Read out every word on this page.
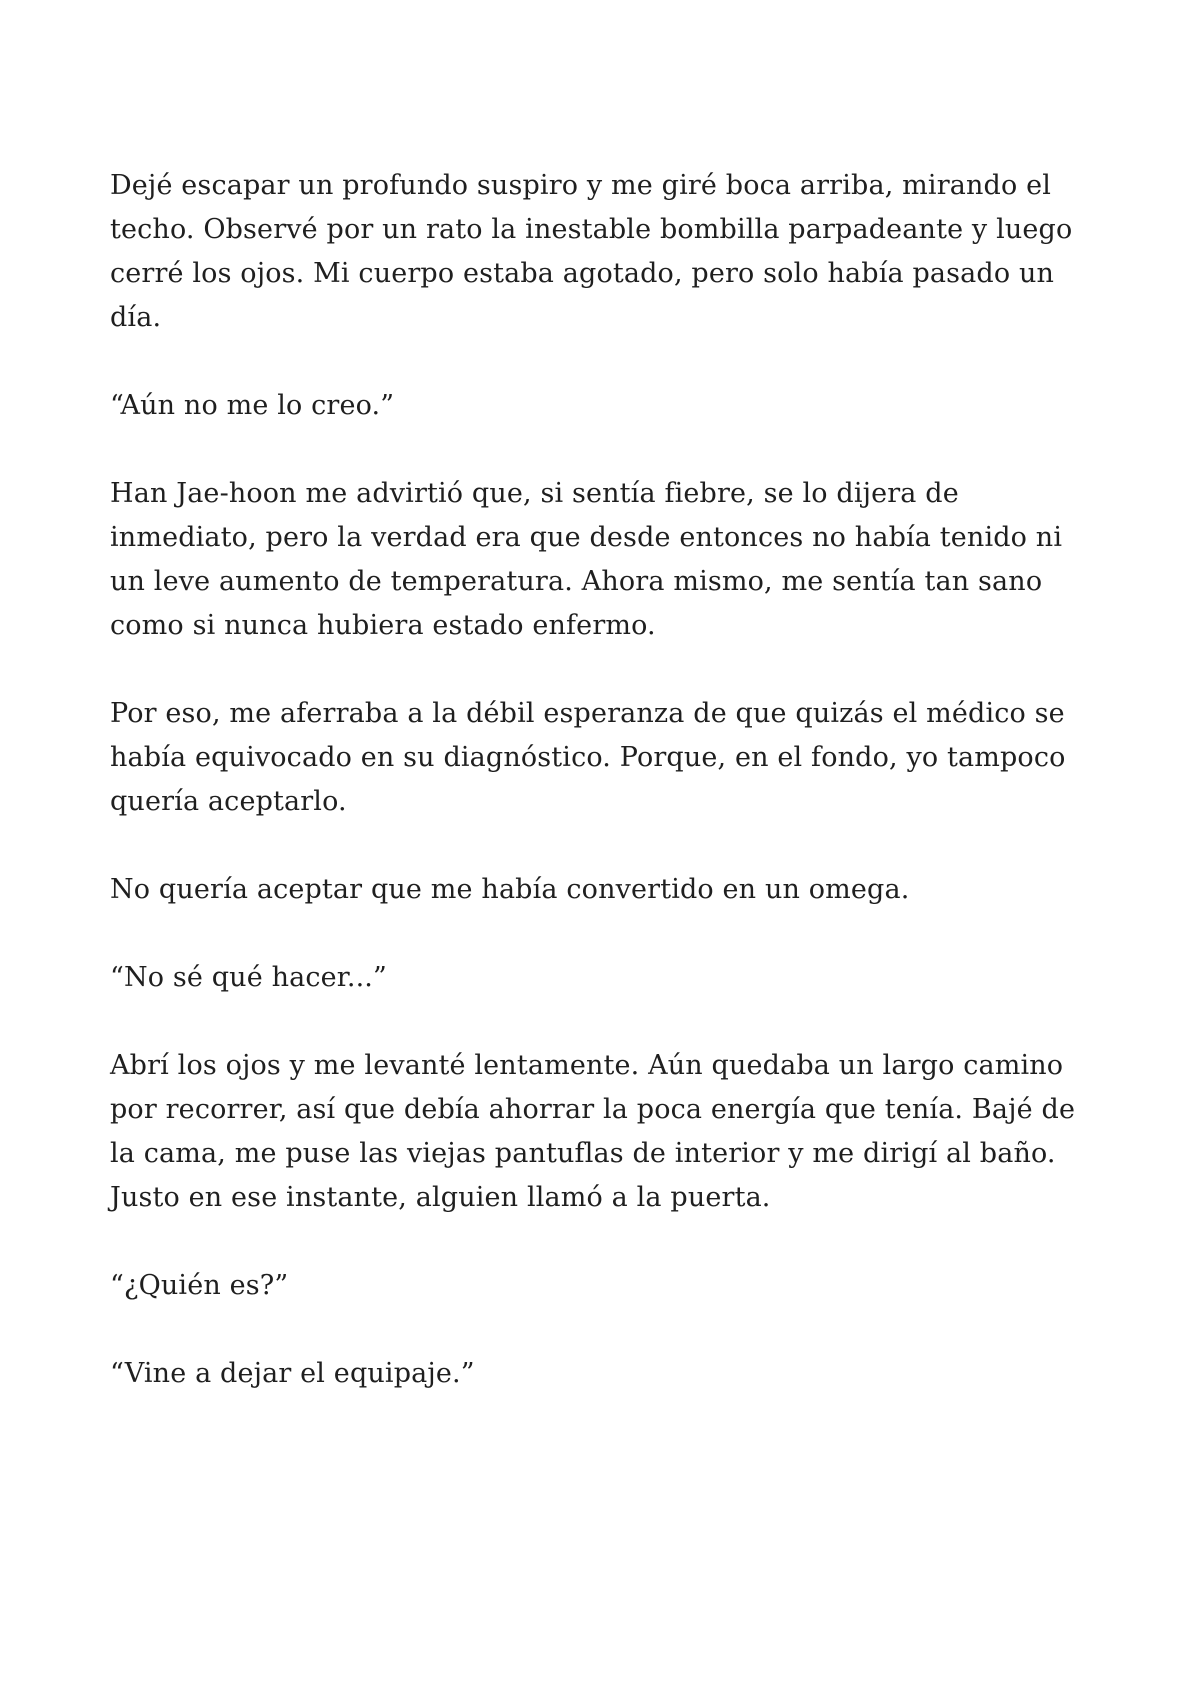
Dejé escapar un profundo suspiro y me giré boca arriba, mirando el
techo. Observé por un rato la inestable bombilla parpadeante y luego
cerré los ojos. Mi cuerpo estaba agotado, pero solo había pasado un
día.

“Aún no me lo creo.”

Han Jae-hoon me advirtió que, si sentía fiebre, se lo dijera de
inmediato, pero la verdad era que desde entonces no había tenido ni
un leve aumento de temperatura. Ahora mismo, me sentía tan sano
como si nunca hubiera estado enfermo.

Por eso, me aferraba a la débil esperanza de que quizás el médico se
había equivocado en su diagnóstico. Porque, en el fondo, yo tampoco
quería aceptarlo.

No quería aceptar que me había convertido en un omega.

“No sé qué hacer...”

Abrí los ojos y me levanté lentamente. Aún quedaba un largo camino
por recorrer, así que debía ahorrar la poca energía que tenía. Bajé de
la cama, me puse las viejas pantuflas de interior y me dirigí al baño.
Justo en ese instante, alguien llamó a la puerta.

“¿Quién es?”

“Vine a dejar el equipaje.”
